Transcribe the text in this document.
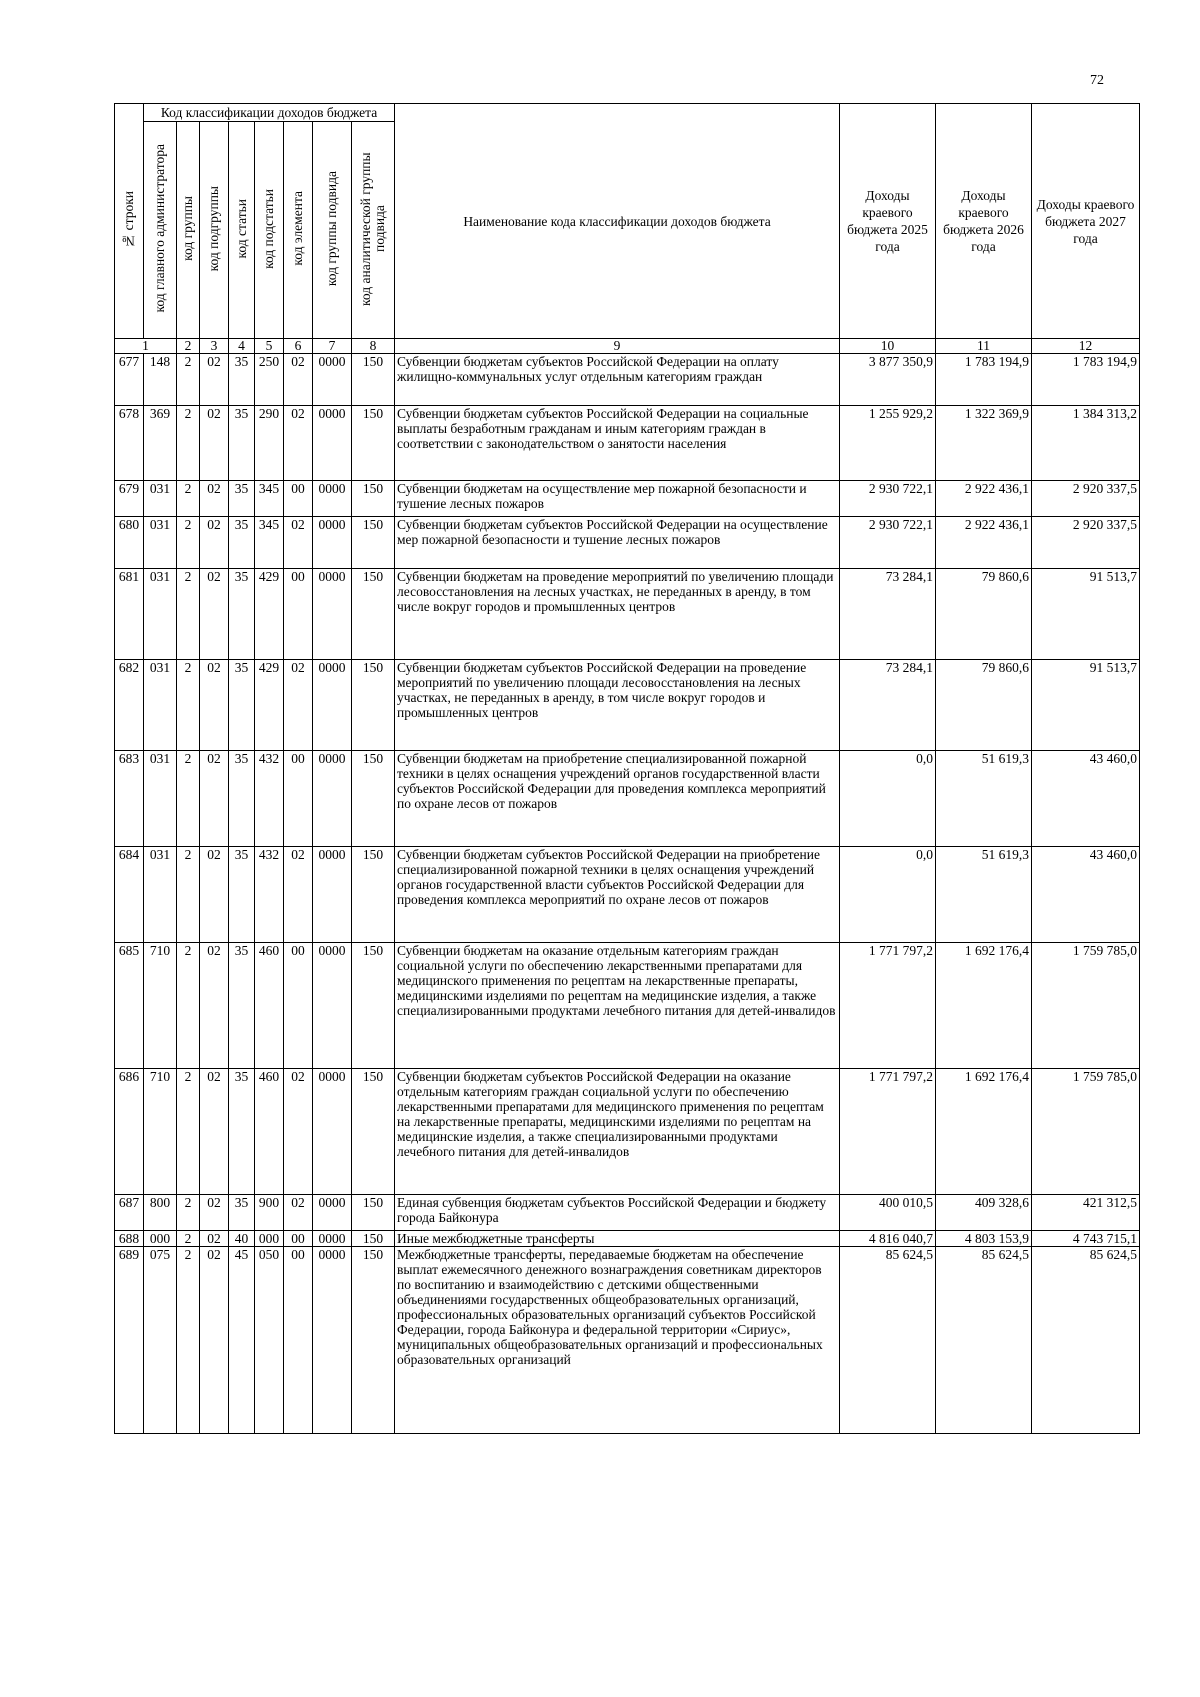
72
№ строки	Код классификации доходов бюджета								Наименование кода классификации доходов бюджета	Доходы краевого бюджета 2025 года	Доходы краевого бюджета 2026 года	Доходы краевого бюджета 2027 года
	код главного администратора	код группы	код подгруппы	код статьи	код подстатьи	код элемента	код группы подвида	код аналитической группы подвида				
1		2	3	4	5	6	7	8	9	10	11	12
677	148	2	02	35	250	02	0000	150	Субвенции бюджетам субъектов Российской Федерации на оплату жилищно-коммунальных услуг отдельным категориям граждан	3 877 350,9	1 783 194,9	1 783 194,9
678	369	2	02	35	290	02	0000	150	Субвенции бюджетам субъектов Российской Федерации на социальные выплаты безработным гражданам и иным категориям граждан в соответствии с законодательством о занятости населения	1 255 929,2	1 322 369,9	1 384 313,2
679	031	2	02	35	345	00	0000	150	Субвенции бюджетам на осуществление мер пожарной безопасности и тушение лесных пожаров	2 930 722,1	2 922 436,1	2 920 337,5
680	031	2	02	35	345	02	0000	150	Субвенции бюджетам субъектов Российской Федерации на осуществление мер пожарной безопасности и тушение лесных пожаров	2 930 722,1	2 922 436,1	2 920 337,5
681	031	2	02	35	429	00	0000	150	Субвенции бюджетам на проведение мероприятий по увеличению площади лесовосстановления на лесных участках, не переданных в аренду, в том числе вокруг городов и промышленных центров	73 284,1	79 860,6	91 513,7
682	031	2	02	35	429	02	0000	150	Субвенции бюджетам субъектов Российской Федерации на проведение мероприятий по увеличению площади лесовосстановления на лесных участках, не переданных в аренду, в том числе вокруг городов и промышленных центров	73 284,1	79 860,6	91 513,7
683	031	2	02	35	432	00	0000	150	Субвенции бюджетам на приобретение специализированной пожарной техники в целях оснащения учреждений органов государственной власти субъектов Российской Федерации для проведения комплекса мероприятий по охране лесов от пожаров	0,0	51 619,3	43 460,0
684	031	2	02	35	432	02	0000	150	Субвенции бюджетам субъектов Российской Федерации на приобретение специализированной пожарной техники в целях оснащения учреждений органов государственной власти субъектов Российской Федерации для проведения комплекса мероприятий по охране лесов от пожаров	0,0	51 619,3	43 460,0
685	710	2	02	35	460	00	0000	150	Субвенции бюджетам на оказание отдельным категориям граждан социальной услуги по обеспечению лекарственными препаратами для медицинского применения по рецептам на лекарственные препараты, медицинскими изделиями по рецептам на медицинские изделия, а также специализированными продуктами лечебного питания для детей-инвалидов	1 771 797,2	1 692 176,4	1 759 785,0
686	710	2	02	35	460	02	0000	150	Субвенции бюджетам субъектов Российской Федерации на оказание отдельным категориям граждан социальной услуги по обеспечению лекарственными препаратами для медицинского применения по рецептам на лекарственные препараты, медицинскими изделиями по рецептам на медицинские изделия, а также специализированными продуктами лечебного питания для детей-инвалидов	1 771 797,2	1 692 176,4	1 759 785,0
687	800	2	02	35	900	02	0000	150	Единая субвенция бюджетам субъектов Российской Федерации и бюджету города Байконура	400 010,5	409 328,6	421 312,5
688	000	2	02	40	000	00	0000	150	Иные межбюджетные трансферты	4 816 040,7	4 803 153,9	4 743 715,1
689	075	2	02	45	050	00	0000	150	Межбюджетные трансферты, передаваемые бюджетам на обеспечение выплат ежемесячного денежного вознаграждения советникам директоров по воспитанию и взаимодействию с детскими общественными объединениями государственных общеобразовательных организаций, профессиональных образовательных организаций субъектов Российской Федерации, города Байконура и федеральной территории «Сириус», муниципальных общеобразовательных организаций и профессиональных образовательных организаций	85 624,5	85 624,5	85 624,5
